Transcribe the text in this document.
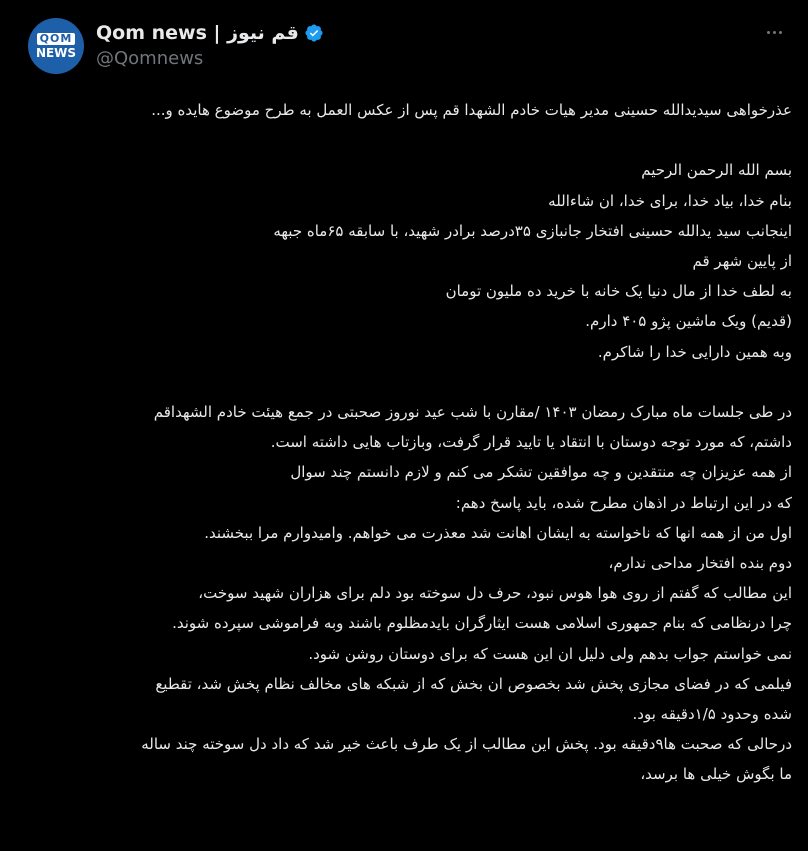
QOM
NEWS
Qom news | قم نیوز
@Qomnews

عذرخواهی سیدیدالله حسینی مدیر هیات خادم الشهدا قم پس از عکس العمل به طرح موضوع هایده و...

بسم الله الرحمن الرحیم

بنام خدا، بیاد خدا، برای خدا، ان شاءالله

اینجانب سید یدالله حسینی افتخار جانبازی ۳۵درصد برادر شهید، با سابقه ۶۵ماه جبهه

از پایین شهر قم

به لطف خدا از مال دنیا یک خانه با خرید ده ملیون تومان

(قدیم) ویک ماشین پژو ۴۰۵ دارم.

وبه همین دارایی خدا را شاکرم.

در طی جلسات ماه مبارک رمضان ۱۴۰۳ /مقارن با شب عید نوروز صحبتی در جمع هیئت خادم الشهداقم

داشتم، که مورد توجه دوستان با انتقاد یا تایید قرار گرفت، وبازتاب هایی داشته است.

از همه عزیزان چه منتقدین و چه موافقین تشکر می کنم و لازم دانستم چند سوال

که در این ارتباط در اذهان مطرح شده، باید پاسخ دهم:

اول من از همه انها که ناخواسته به ایشان اهانت شد معذرت می خواهم. وامیدوارم مرا ببخشند.

دوم بنده افتخار مداحی ندارم،

این مطالب که گفتم از روی هوا هوس نبود، حرف دل سوخته بود دلم برای هزاران شهید سوخت،

چرا درنظامی که بنام جمهوری اسلامی هست ایثارگران بایدمظلوم باشند وبه فراموشی سپرده شوند.

نمی خواستم جواب بدهم ولی دلیل ان این هست که برای دوستان روشن شود.

فیلمی که در فضای مجازی پخش شد بخصوص ان بخش که از شبکه های مخالف نظام پخش شد، تقطیع

شده وحدود ۱/۵دقیقه بود.

درحالی که صحبت ها۹دقیقه بود. پخش این مطالب از یک طرف باعث خیر شد که داد دل سوخته چند ساله

ما بگوش خیلی ها برسد،
